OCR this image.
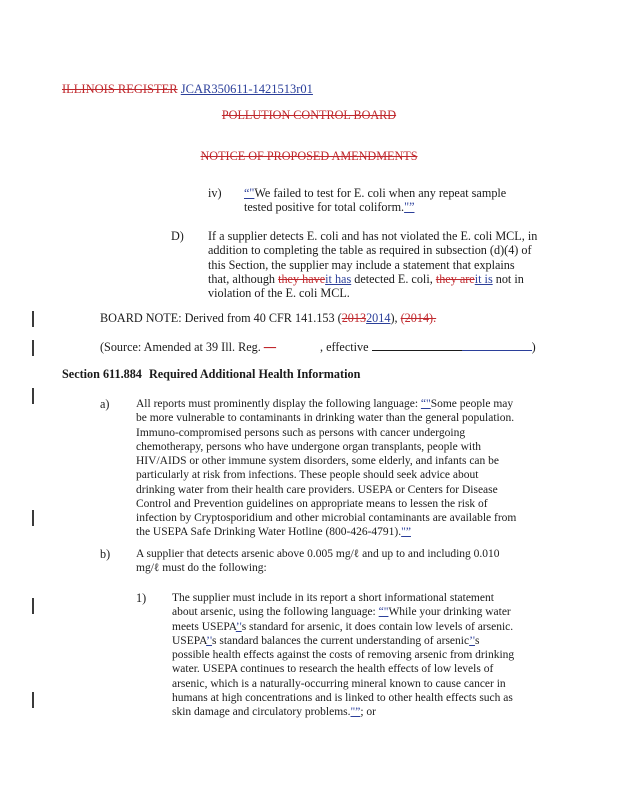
ILLINOIS REGISTER JCAR350611-1421513r01
POLLUTION CONTROL BOARD
NOTICE OF PROPOSED AMENDMENTS
iv) “"We failed to test for E. coli when any repeat sample
tested positive for total coliform."”
D) If a supplier detects E. coli and has not violated the E. coli MCL, in
addition to completing the table as required in subsection (d)(4) of
this Section, the supplier may include a statement that explains
that, although they haveit has detected E. coli, they areit is not in
violation of the E. coli MCL.
BOARD NOTE: Derived from 40 CFR 141.153 (20132014), (2014).
(Source: Amended at 39 Ill. Reg. —	, effective	)
Section 611.884 Required Additional Health Information
a) All reports must prominently display the following language: “"Some people may
be more vulnerable to contaminants in drinking water than the general population.
Immuno-compromised persons such as persons with cancer undergoing
chemotherapy, persons who have undergone organ transplants, people with
HIV/AIDS or other immune system disorders, some elderly, and infants can be
particularly at risk from infections. These people should seek advice about
drinking water from their health care providers. USEPA or Centers for Disease
Control and Prevention guidelines on appropriate means to lessen the risk of
infection by Cryptosporidium and other microbial contaminants are available from
the USEPA Safe Drinking Water Hotline (800-426-4791)."”
b) A supplier that detects arsenic above 0.005 mg/ℓ and up to and including 0.010
mg/ℓ must do the following:
1) The supplier must include in its report a short informational statement
about arsenic, using the following language: “"While your drinking water
meets USEPA’'s standard for arsenic, it does contain low levels of arsenic.
USEPA’'s standard balances the current understanding of arsenic’'s
possible health effects against the costs of removing arsenic from drinking
water. USEPA continues to research the health effects of low levels of
arsenic, which is a naturally-occurring mineral known to cause cancer in
humans at high concentrations and is linked to other health effects such as
skin damage and circulatory problems."”; or
